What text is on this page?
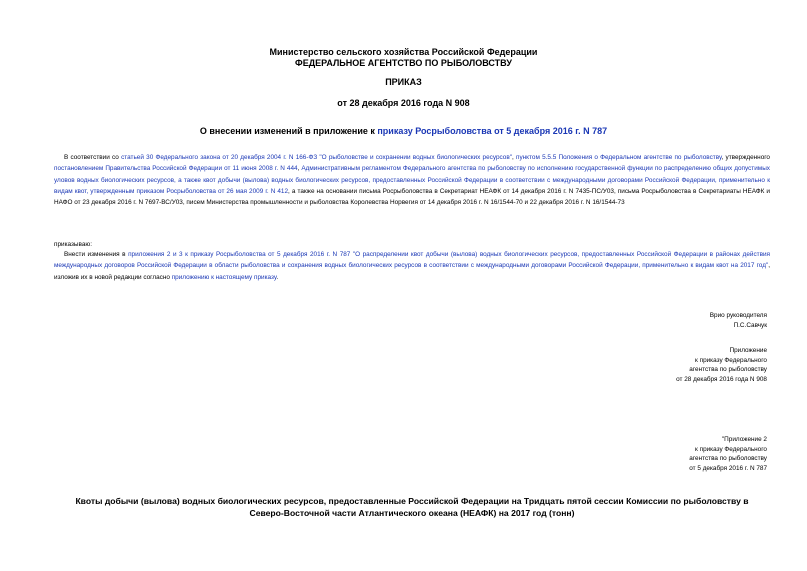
Министерство сельского хозяйства Российской Федерации
ФЕДЕРАЛЬНОЕ АГЕНТСТВО ПО РЫБОЛОВСТВУ
ПРИКАЗ
от 28 декабря 2016 года N 908
О внесении изменений в приложение к приказу Росрыболовства от 5 декабря 2016 г. N 787
В соответствии со статьей 30 Федерального закона от 20 декабря 2004 г. N 166-ФЗ "О рыболовстве и сохранении водных биологических ресурсов", пунктом 5.5.5 Положения о Федеральном агентстве по рыболовству, утвержденного постановлением Правительства Российской Федерации от 11 июня 2008 г. N 444, Административным регламентом Федерального агентства по рыболовству по исполнению государственной функции по распределению общих допустимых уловов водных биологических ресурсов, а также квот добычи (вылова) водных биологических ресурсов, предоставленных Российской Федерации в соответствии с международными договорами Российской Федерации, применительно к видам квот, утвержденным приказом Росрыболовства от 26 мая 2009 г. N 412, а также на основании письма Росрыболовства в Секретариат НЕАФК от 14 декабря 2016 г. N 7435-ПС/У03, письма Росрыболовства в Секретариаты НЕАФК и НАФО от 23 декабря 2016 г. N 7697-ВС/У03, писем Министерства промышленности и рыболовства Королевства Норвегия от 14 декабря 2016 г. N 16/1544-70 и 22 декабря 2016 г. N 16/1544-73
приказываю:
Внести изменения в приложения 2 и 3 к приказу Росрыболовства от 5 декабря 2016 г. N 787 "О распределении квот добычи (вылова) водных биологических ресурсов, предоставленных Российской Федерации в районах действия международных договоров Российской Федерации в области рыболовства и сохранения водных биологических ресурсов в соответствии с международными договорами Российской Федерации, применительно к видам квот на 2017 год", изложив их в новой редакции согласно приложению к настоящему приказу.
Врио руководителя
П.С.Савчук
Приложение
к приказу Федерального
агентства по рыболовству
от 28 декабря 2016 года N 908
"Приложение 2
к приказу Федерального
агентства по рыболовству
от 5 декабря 2016 г. N 787
Квоты добычи (вылова) водных биологических ресурсов, предоставленные Российской Федерации на Тридцать пятой сессии Комиссии по рыболовству в
Северо-Восточной части Атлантического океана (НЕАФК) на 2017 год (тонн)
